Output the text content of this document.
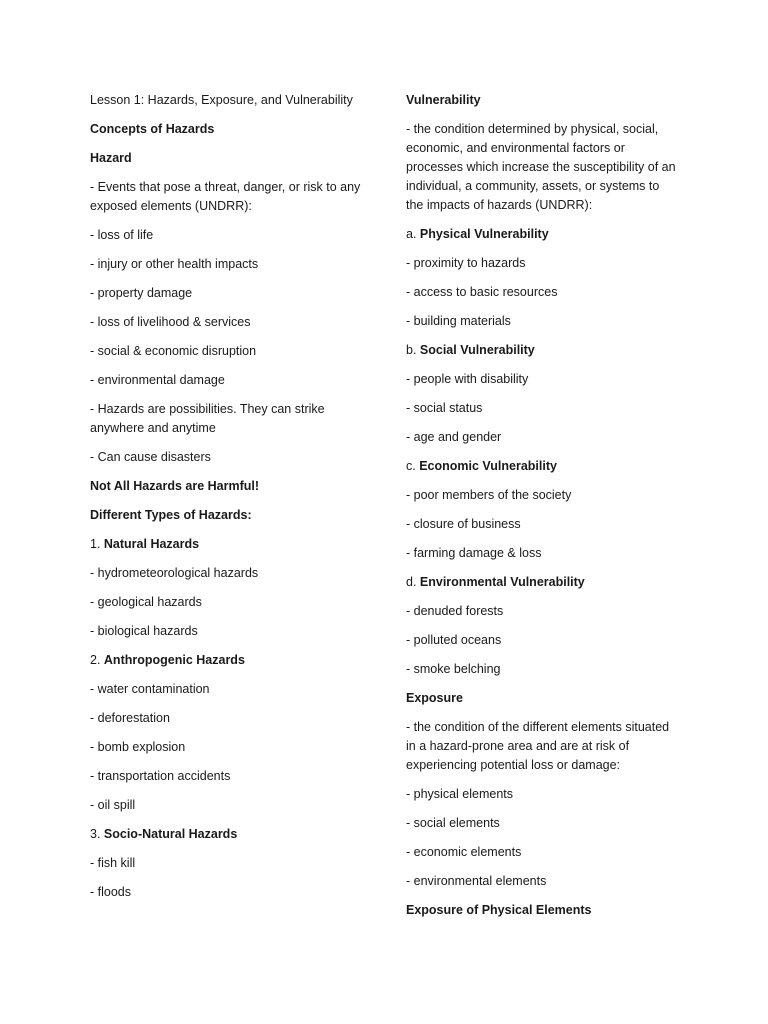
Lesson 1: Hazards, Exposure, and Vulnerability

Concepts of Hazards

Hazard

- Events that pose a threat, danger, or risk to any exposed elements (UNDRR):

- loss of life

- injury or other health impacts

- property damage

- loss of livelihood & services

- social & economic disruption

- environmental damage

- Hazards are possibilities. They can strike anywhere and anytime

- Can cause disasters

Not All Hazards are Harmful!

Different Types of Hazards:

1. Natural Hazards

- hydrometeorological hazards

- geological hazards

- biological hazards

2. Anthropogenic Hazards

- water contamination

- deforestation

- bomb explosion

- transportation accidents

- oil spill

3. Socio-Natural Hazards

- fish kill

- floods

Vulnerability

- the condition determined by physical, social, economic, and environmental factors or processes which increase the susceptibility of an individual, a community, assets, or systems to the impacts of hazards (UNDRR):

a. Physical Vulnerability

- proximity to hazards

- access to basic resources

- building materials

b. Social Vulnerability

- people with disability

- social status

- age and gender

c. Economic Vulnerability

- poor members of the society

- closure of business

- farming damage & loss

d. Environmental Vulnerability

- denuded forests

- polluted oceans

- smoke belching

Exposure

- the condition of the different elements situated in a hazard-prone area and are at risk of experiencing potential loss or damage:

- physical elements

- social elements

- economic elements

- environmental elements

Exposure of Physical Elements
